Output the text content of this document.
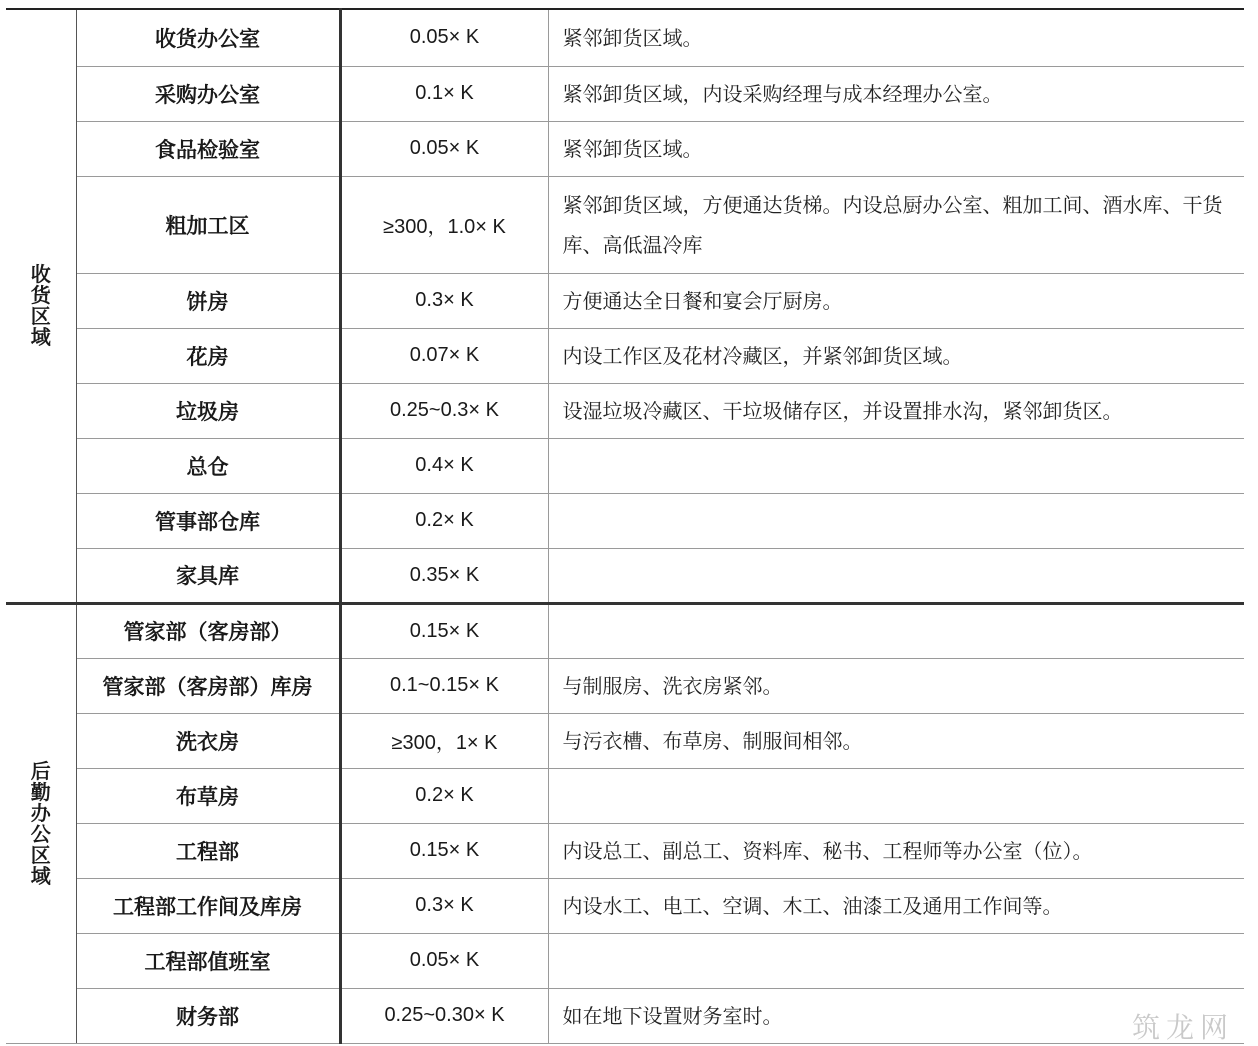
收货区域	收货办公室	0.05× K	紧邻卸货区域。
	采购办公室	0.1× K	紧邻卸货区域，内设采购经理与成本经理办公室。
	食品检验室	0.05× K	紧邻卸货区域。
	粗加工区	≥300，1.0× K	紧邻卸货区域，方便通达货梯。内设总厨办公室、粗加工间、酒水库、干货库、高低温冷库
	饼房	0.3× K	方便通达全日餐和宴会厅厨房。
	花房	0.07× K	内设工作区及花材冷藏区，并紧邻卸货区域。
	垃圾房	0.25~0.3× K	设湿垃圾冷藏区、干垃圾储存区，并设置排水沟，紧邻卸货区。
	总仓	0.4× K	
	管事部仓库	0.2× K	
	家具库	0.35× K	

后勤办公区域	管家部（客房部）	0.15× K	
	管家部（客房部）库房	0.1~0.15× K	与制服房、洗衣房紧邻。
	洗衣房	≥300，1× K	与污衣槽、布草房、制服间相邻。
	布草房	0.2× K	
	工程部	0.15× K	内设总工、副总工、资料库、秘书、工程师等办公室（位）。
	工程部工作间及库房	0.3× K	内设水工、电工、空调、木工、油漆工及通用工作间等。
	工程部值班室	0.05× K	
	财务部	0.25~0.30× K	如在地下设置财务室时。	筑龙网
